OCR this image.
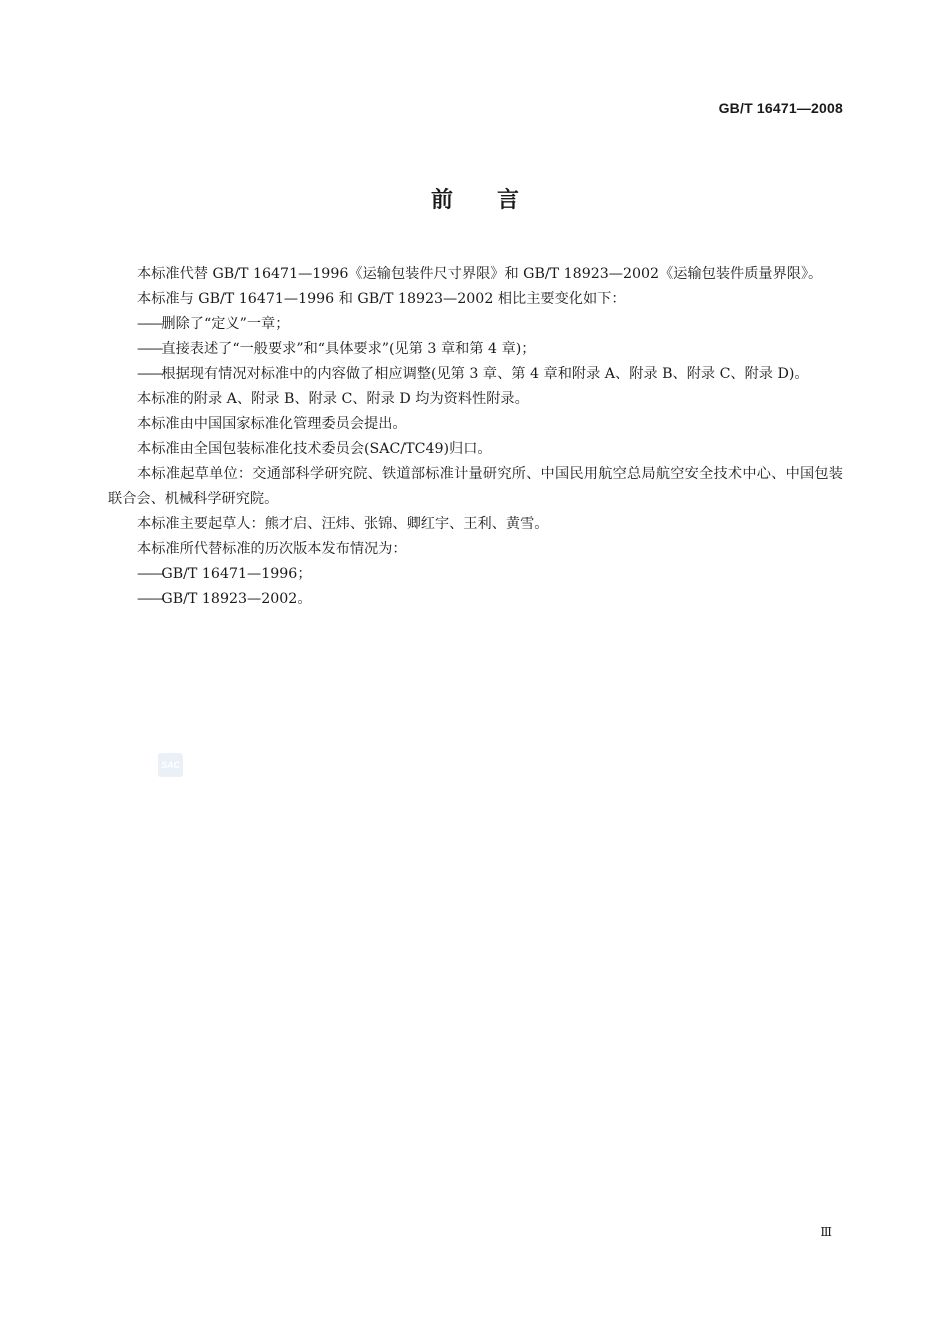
GB/T 16471—2008
前言

本标准代替 GB/T 16471—1996《运输包装件尺寸界限》和 GB/T 18923—2002《运输包装件质量界限》。

本标准与 GB/T 16471—1996 和 GB/T 18923—2002 相比主要变化如下：

——删除了“定义”一章；

——直接表述了“一般要求”和“具体要求”(见第 3 章和第 4 章)；

——根据现有情况对标准中的内容做了相应调整(见第 3 章、第 4 章和附录 A、附录 B、附录 C、附录 D)。

本标准的附录 A、附录 B、附录 C、附录 D 均为资料性附录。

本标准由中国国家标准化管理委员会提出。

本标准由全国包装标准化技术委员会(SAC/TC49)归口。

本标准起草单位：交通部科学研究院、铁道部标准计量研究所、中国民用航空总局航空安全技术中心、中国包装联合会、机械科学研究院。

本标准主要起草人：熊才启、汪炜、张锦、卿红宇、王利、黄雪。

本标准所代替标准的历次版本发布情况为：

——GB/T 16471—1996；

——GB/T 18923—2002。

SAC
Ⅲ
